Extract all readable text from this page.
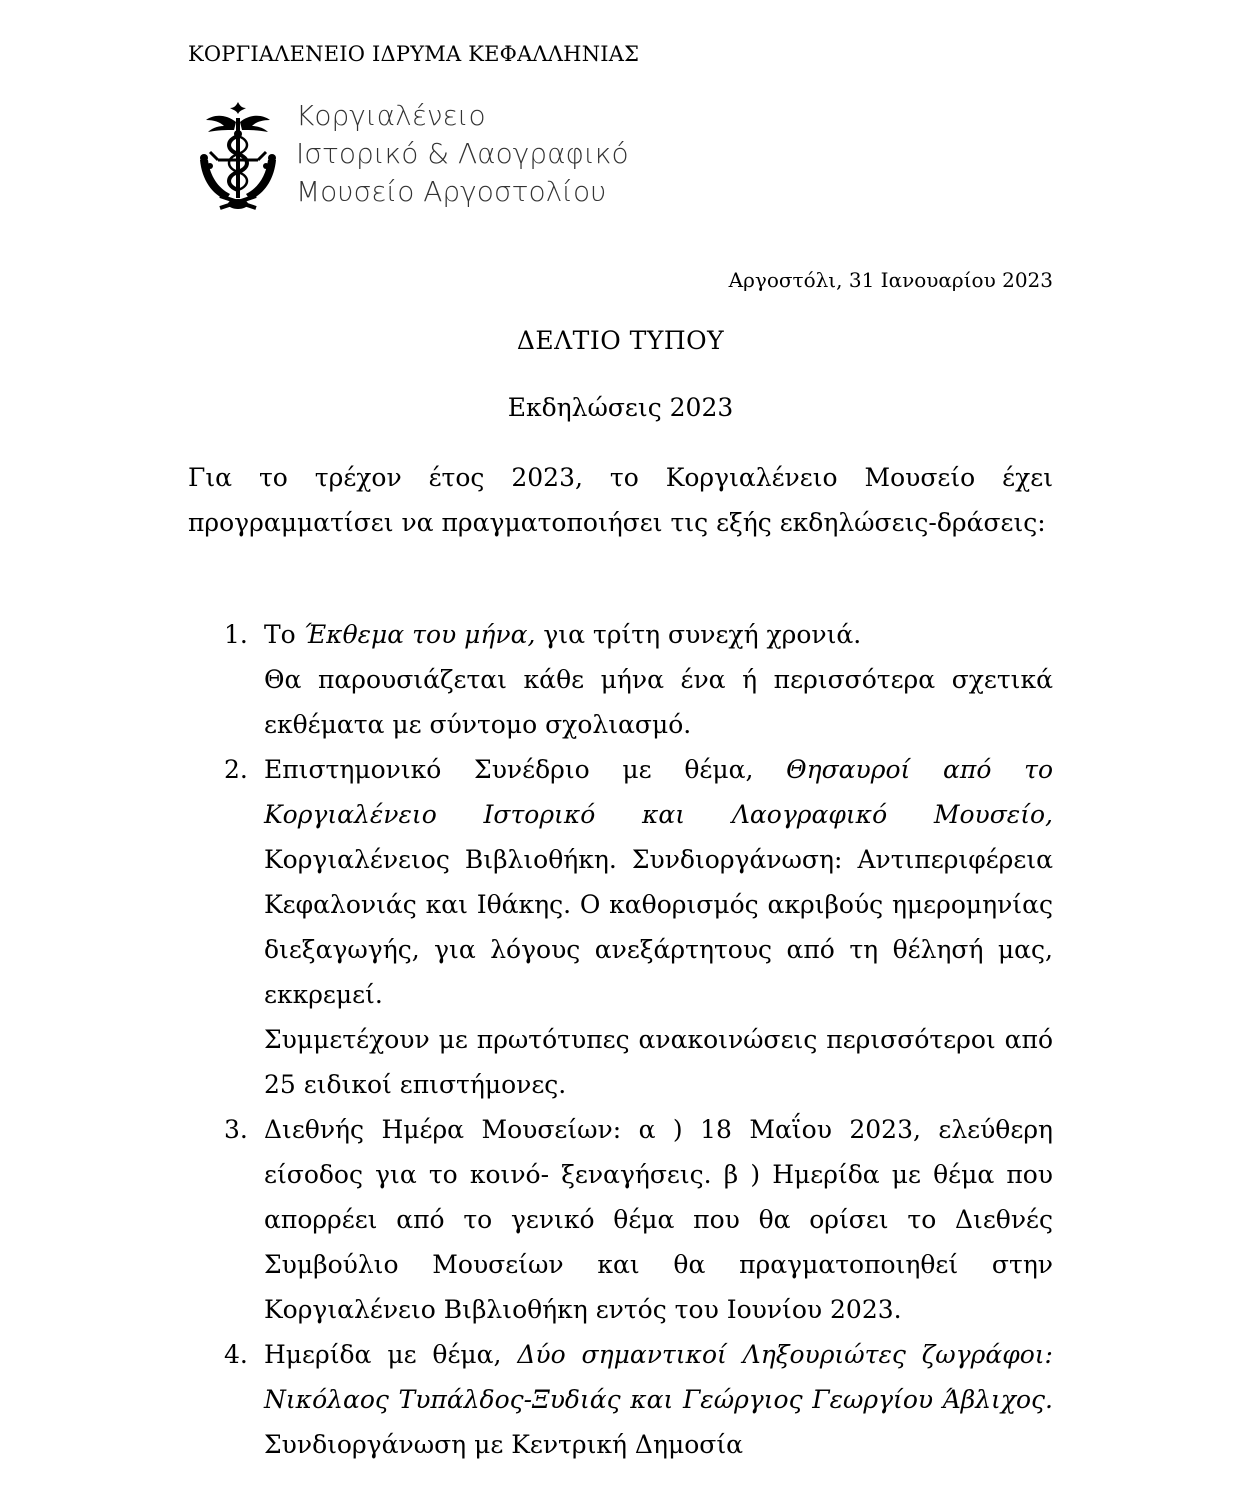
ΚΟΡΓΙΑΛΕΝΕΙΟ ΙΔΡΥΜΑ ΚΕΦΑΛΛΗΝΙΑΣ
Κοργιαλένειο
Ιστορικό & Λαογραφικό
Μουσείο Αργοστολίου
Αργοστόλι, 31 Ιανουαρίου 2023
ΔΕΛΤΙΟ ΤΥΠΟΥ
Εκδηλώσεις 2023

Για το τρέχον έτος 2023, το Κοργιαλένειο Μουσείο έχει προγραμματίσει να πραγματοποιήσει τις εξής εκδηλώσεις-δράσεις:

1. Το Έκθεμα του μήνα, για τρίτη συνεχή χρονιά.

Θα παρουσιάζεται κάθε μήνα ένα ή περισσότερα σχετικά εκθέματα με σύντομο σχολιασμό.

2. Επιστημονικό Συνέδριο με θέμα, Θησαυροί από το Κοργιαλένειο Ιστορικό και Λαογραφικό Μουσείο, Κοργιαλένειος Βιβλιοθήκη. Συνδιοργάνωση: Αντιπεριφέρεια Κεφαλονιάς και Ιθάκης. Ο καθορισμός ακριβούς ημερομηνίας διεξαγωγής, για λόγους ανεξάρτητους από τη θέλησή μας, εκκρεμεί.

Συμμετέχουν με πρωτότυπες ανακοινώσεις περισσότεροι από 25 ειδικοί επιστήμονες.

3. Διεθνής Ημέρα Μουσείων: α ) 18 Μαΐου 2023, ελεύθερη είσοδος για το κοινό- ξεναγήσεις. β ) Ημερίδα με θέμα που απορρέει από το γενικό θέμα που θα ορίσει το Διεθνές Συμβούλιο Μουσείων και θα πραγματοποιηθεί στην Κοργιαλένειο Βιβλιοθήκη εντός του Ιουνίου 2023.

4. Ημερίδα με θέμα, Δύο σημαντικοί Ληξουριώτες ζωγράφοι: Νικόλαος Τυπάλδος-Ξυδιάς και Γεώργιος Γεωργίου Άβλιχος. Συνδιοργάνωση με Κεντρική Δημοσία
